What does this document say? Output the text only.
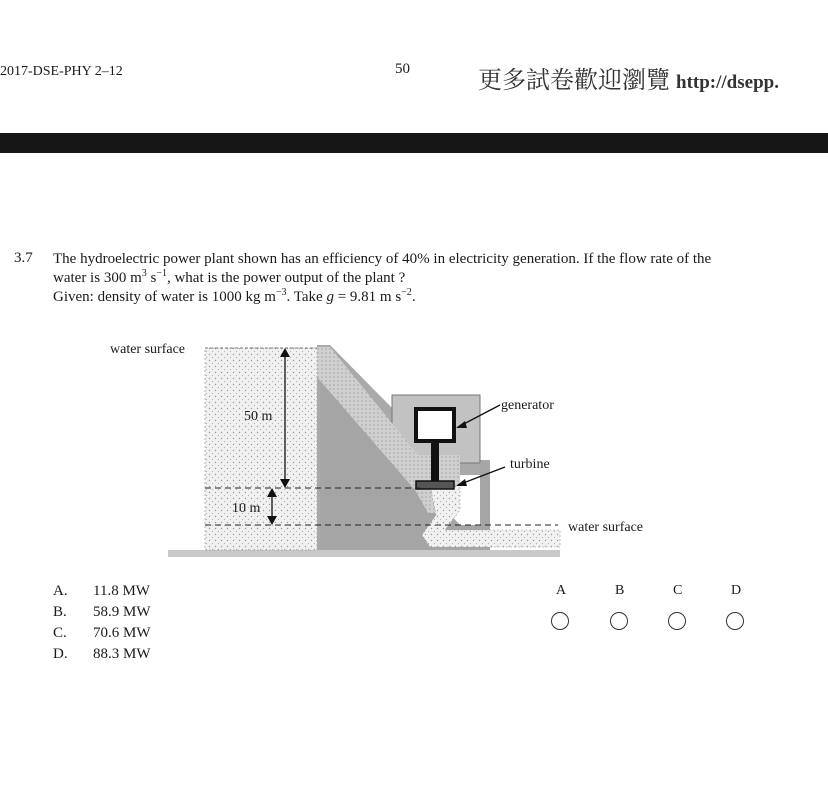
2017-DSE-PHY 2–12	50	更多試卷歡迎瀏覽 http://dsepp.
3.7 The hydroelectric power plant shown has an efficiency of 40% in electricity generation. If the flow rate of the
water is 300 $m^3$ $s^{-1}$, what is the power output of the plant ?
Given: density of water is 1000 kg $m^{-3}$. Take g = 9.81 m $s^{-2}$.
water surface
50 m
10 m
generator
turbine
water surface
A. 11.8 MW
B. 58.9 MW
C. 70.6 MW
D. 88.3 MW
A	B	C	D
